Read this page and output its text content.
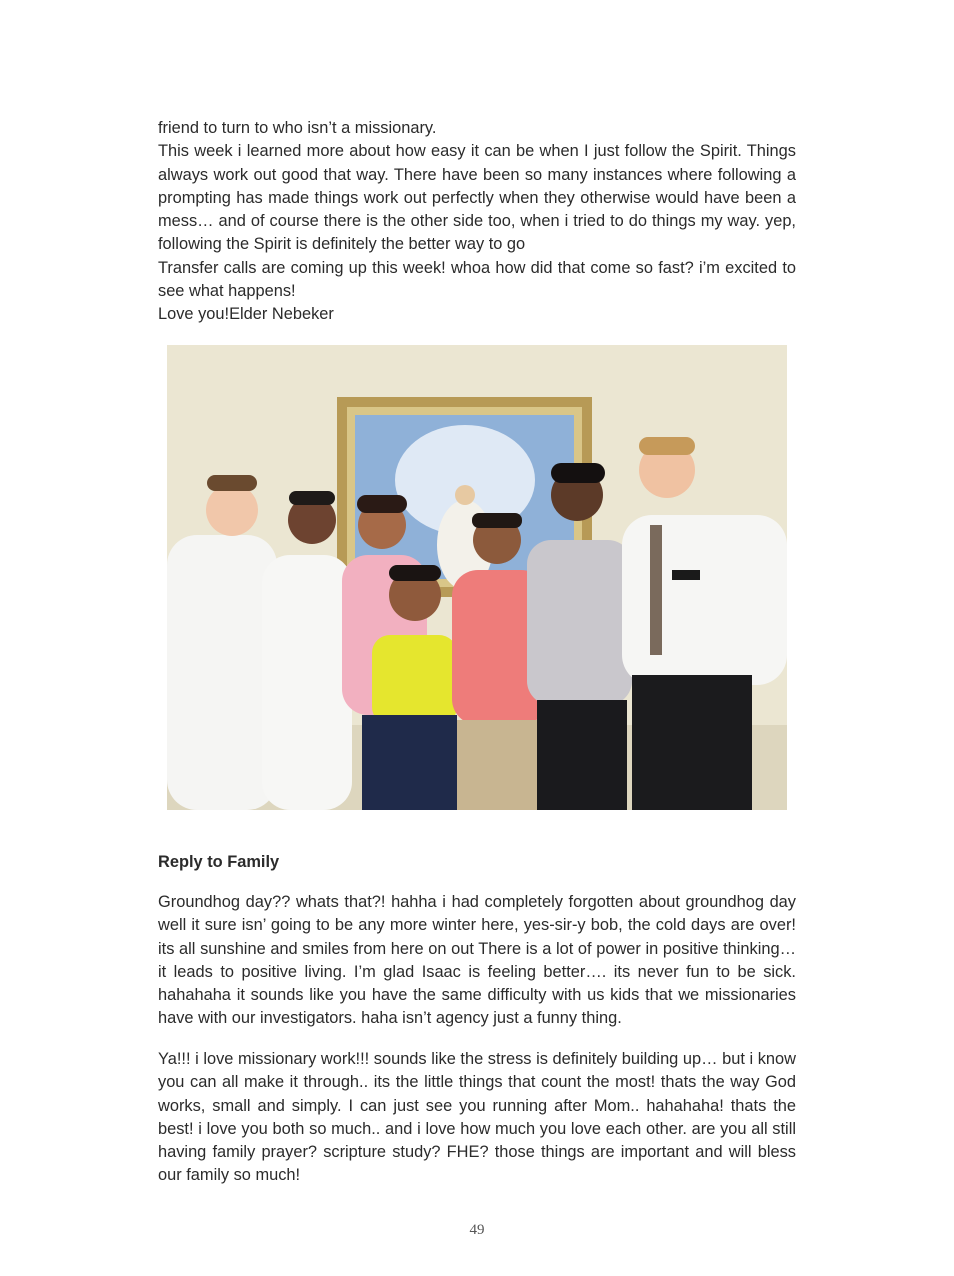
friend to turn to who isn’t a missionary.

This week i learned more about how easy it can be when I just follow the Spirit. Things always work out good that way. There have been so many instances where following a prompting has made things work out perfectly when they otherwise would have been a mess… and of course there is the other side too, when i tried to do things my way. yep, following the Spirit is definitely the better way to go

Transfer calls are coming up this week! whoa how did that come so fast? i’m excited to see what happens!

Love you!Elder Nebeker

Reply to Family

Groundhog day?? whats that?! hahha i had completely forgotten about groundhog day well it sure isn’ going to be any more winter here, yes-sir-y bob, the cold days are over! its all sunshine and smiles from here on out There is a lot of power in positive thinking…it leads to positive living. I’m glad Isaac is feeling better…. its never fun to be sick. hahahaha it sounds like you have the same difficulty with us kids that we missionaries have with our investigators. haha isn’t agency just a funny thing.

Ya!!! i love missionary work!!! sounds like the stress is definitely building up… but i know you can all make it through.. its the little things that count the most! thats the way God works, small and simply. I can just see you running after Mom.. hahahaha! thats the best! i love you both so much.. and i love how much you love each other. are you all still having family prayer? scripture study? FHE? those things are important and will bless our family so much!

49
